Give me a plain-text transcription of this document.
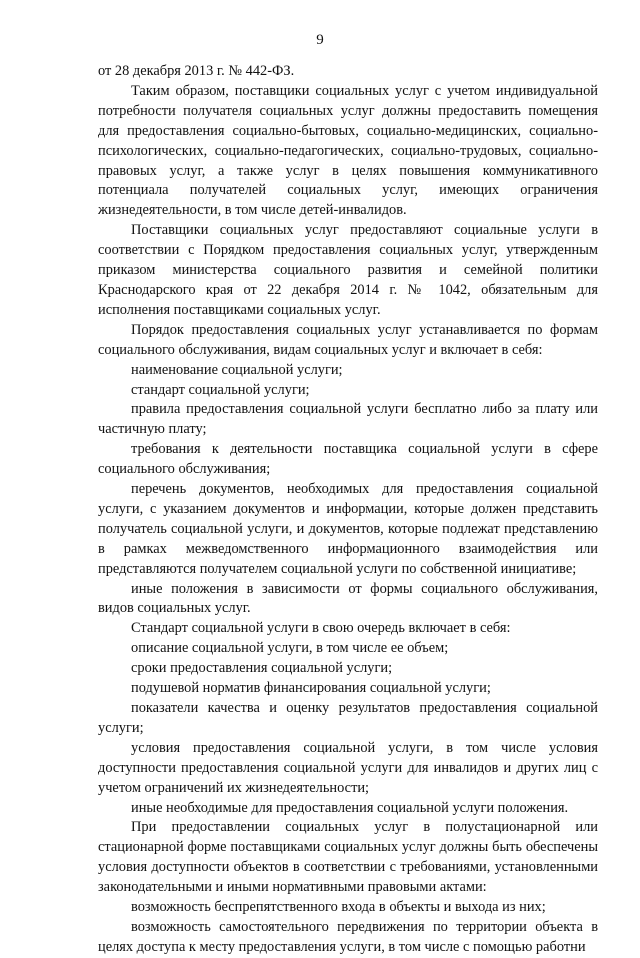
9

от 28 декабря 2013 г. № 442-ФЗ.

Таким образом, поставщики социальных услуг с учетом индивидуальной потребности получателя социальных услуг должны предоставить помещения для предоставления социально-бытовых, социально-медицинских, социально-психологических, социально-педагогических, социально-трудовых, социально-правовых услуг, а также услуг в целях повышения коммуникативного потенциала получателей социальных услуг, имеющих ограничения жизнедеятельности, в том числе детей-инвалидов.

Поставщики социальных услуг предоставляют социальные услуги в соответствии с Порядком предоставления социальных услуг, утвержденным приказом министерства социального развития и семейной политики Краснодарского края от 22 декабря 2014 г. № 1042, обязательным для исполнения поставщиками социальных услуг.

Порядок предоставления социальных услуг устанавливается по формам социального обслуживания, видам социальных услуг и включает в себя:

наименование социальной услуги;

стандарт социальной услуги;

правила предоставления социальной услуги бесплатно либо за плату или частичную плату;

требования к деятельности поставщика социальной услуги в сфере социального обслуживания;

перечень документов, необходимых для предоставления социальной услуги, с указанием документов и информации, которые должен представить получатель социальной услуги, и документов, которые подлежат представлению в рамках межведомственного информационного взаимодействия или представляются получателем социальной услуги по собственной инициативе;

иные положения в зависимости от формы социального обслуживания, видов социальных услуг.

Стандарт социальной услуги в свою очередь включает в себя:

описание социальной услуги, в том числе ее объем;

сроки предоставления социальной услуги;

подушевой норматив финансирования социальной услуги;

показатели качества и оценку результатов предоставления социальной услуги;

условия предоставления социальной услуги, в том числе условия доступности предоставления социальной услуги для инвалидов и других лиц с учетом ограничений их жизнедеятельности;

иные необходимые для предоставления социальной услуги положения.

При предоставлении социальных услуг в полустационарной или стационарной форме поставщиками социальных услуг должны быть обеспечены условия доступности объектов в соответствии с требованиями, установленными законодательными и иными нормативными правовыми актами:

возможность беспрепятственного входа в объекты и выхода из них;

возможность самостоятельного передвижения по территории объекта в целях доступа к месту предоставления услуги, в том числе с помощью работни
